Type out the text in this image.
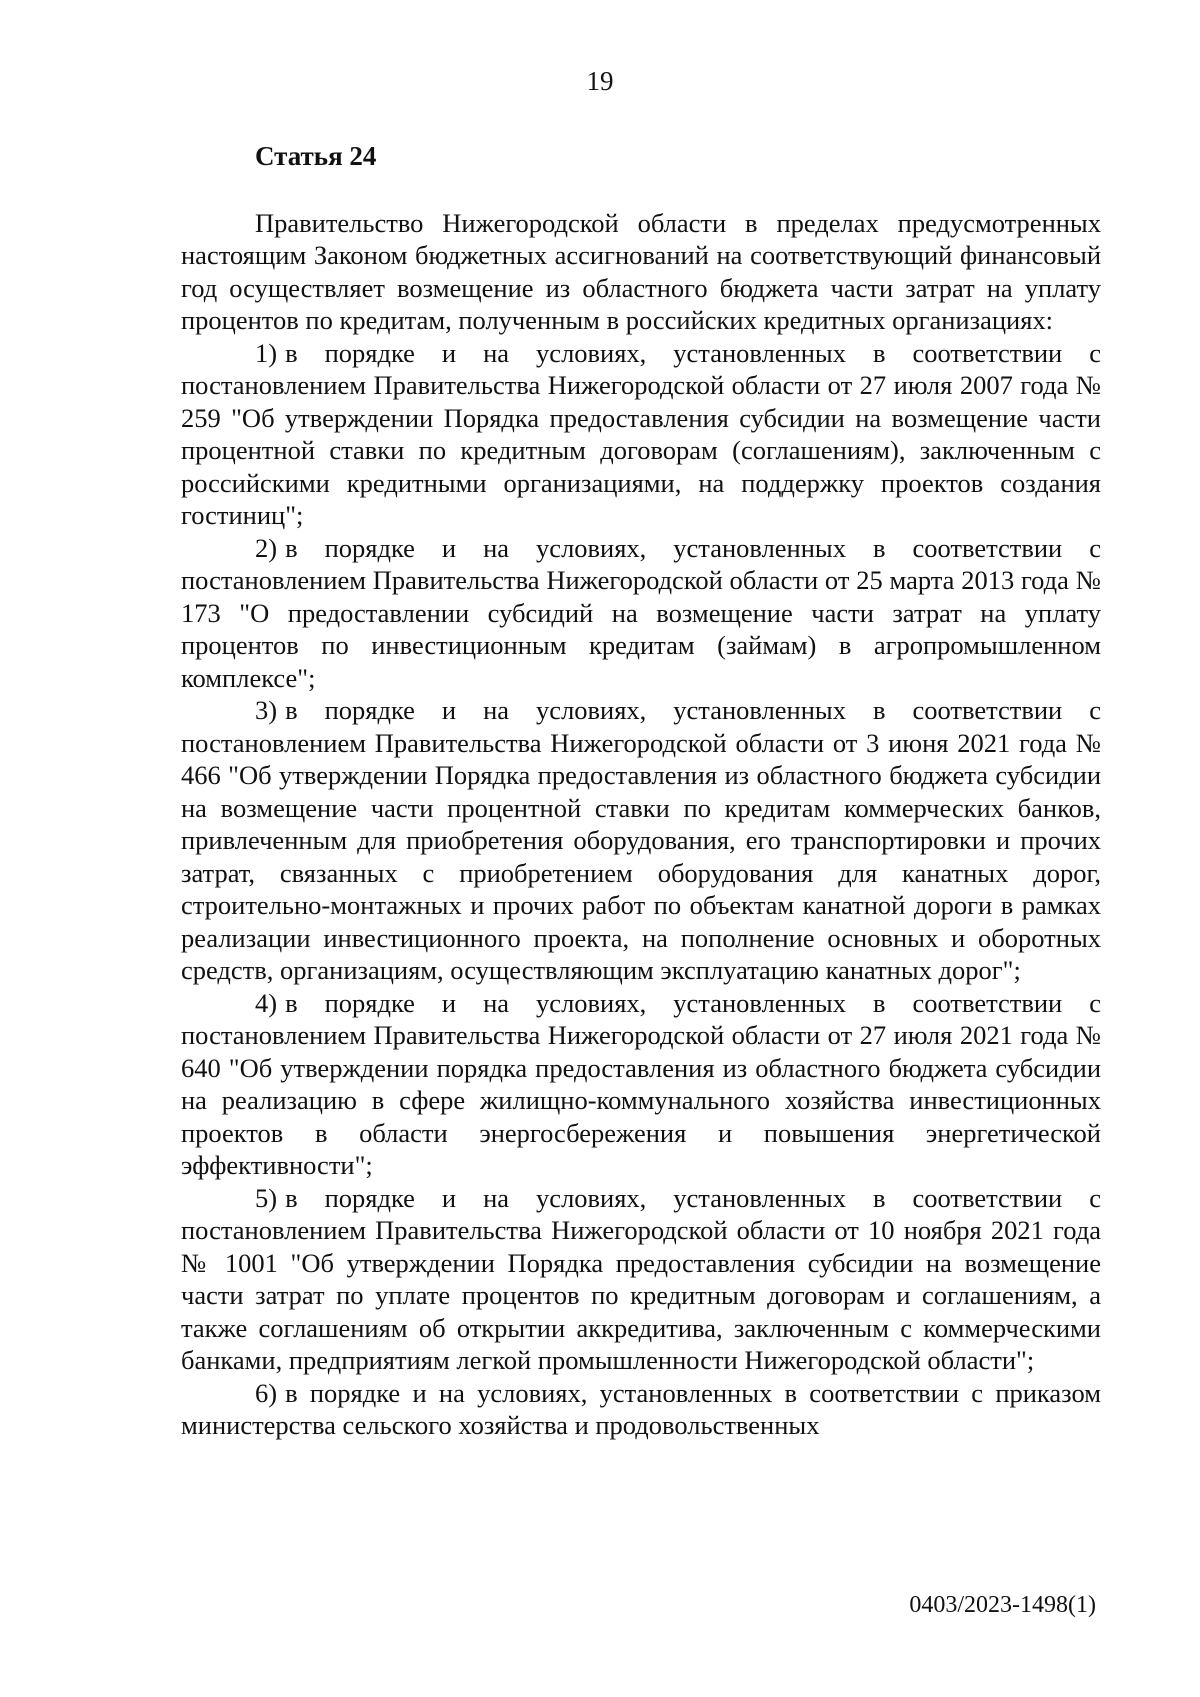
19
Статья 24

Правительство Нижегородской области в пределах предусмотренных настоящим Законом бюджетных ассигнований на соответствующий финансовый год осуществляет возмещение из областного бюджета части затрат на уплату процентов по кредитам, полученным в российских кредитных организациях:

1) в порядке и на условиях, установленных в соответствии с постановлением Правительства Нижегородской области от 27 июля 2007 года № 259 "Об утверждении Порядка предоставления субсидии на возмещение части процентной ставки по кредитным договорам (соглашениям), заключенным с российскими кредитными организациями, на поддержку проектов создания гостиниц";

2) в порядке и на условиях, установленных в соответствии с постановлением Правительства Нижегородской области от 25 марта 2013 года № 173 "О предоставлении субсидий на возмещение части затрат на уплату процентов по инвестиционным кредитам (займам) в агропромышленном комплексе";

3) в порядке и на условиях, установленных в соответствии с постановлением Правительства Нижегородской области от 3 июня 2021 года № 466 "Об утверждении Порядка предоставления из областного бюджета субсидии на возмещение части процентной ставки по кредитам коммерческих банков, привлеченным для приобретения оборудования, его транспортировки и прочих затрат, связанных с приобретением оборудования для канатных дорог, строительно-монтажных и прочих работ по объектам канатной дороги в рамках реализации инвестиционного проекта, на пополнение основных и оборотных средств, организациям, осуществляющим эксплуатацию канатных дорог";

4) в порядке и на условиях, установленных в соответствии с постановлением Правительства Нижегородской области от 27 июля 2021 года № 640 "Об утверждении порядка предоставления из областного бюджета субсидии на реализацию в сфере жилищно-коммунального хозяйства инвестиционных проектов в области энергосбережения и повышения энергетической эффективности";

5) в порядке и на условиях, установленных в соответствии с постановлением Правительства Нижегородской области от 10 ноября 2021 года № 1001 "Об утверждении Порядка предоставления субсидии на возмещение части затрат по уплате процентов по кредитным договорам и соглашениям, а также соглашениям об открытии аккредитива, заключенным с коммерческими банками, предприятиям легкой промышленности Нижегородской области";

6) в порядке и на условиях, установленных в соответствии с приказом министерства сельского хозяйства и продовольственных

0403/2023-1498(1)
